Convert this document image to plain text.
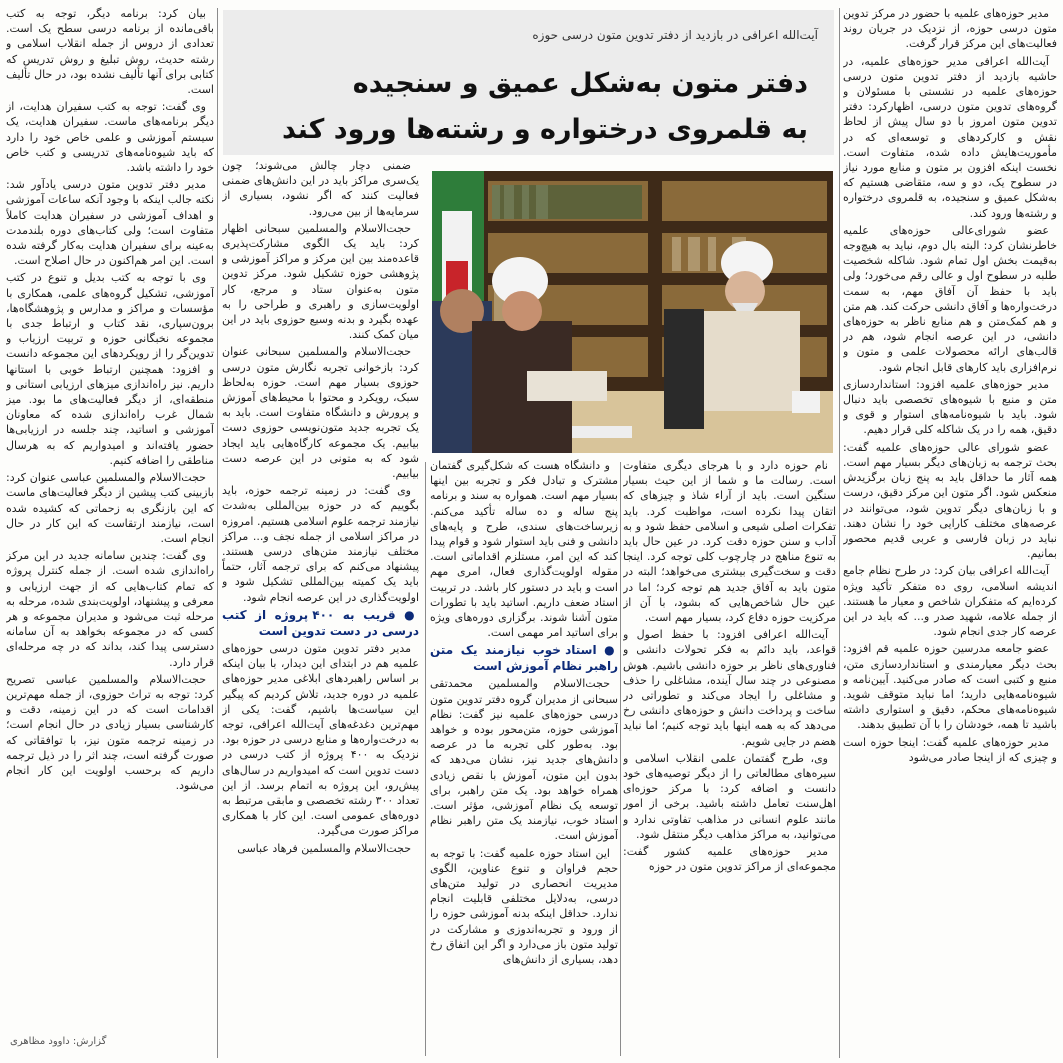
آیت‌الله اعرافی در بازدید از دفتر تدوین متون درسی حوزه
دفتر متون به‌شکل عمیق و سنجیده
به قلمروی درختواره و رشته‌ها ورود کند

مدیر حوزه‌های علمیه با حضور در مرکز تدوین متون درسی حوزه، از نزدیک در جریان روند فعالیت‌های این مرکز قرار گرفت.

آیت‌الله اعرافی مدیر حوزه‌های علمیه، در حاشیه بازدید از دفتر تدوین متون درسی حوزه‌های علمیه در نشستی با مسئولان و گروه‌های تدوین متون درسی، اظهارکرد: دفتر تدوین متون امروز با دو سال پیش از لحاظ نقش و کارکردهای و توسعه‌ای که در مأموریت‌هایش داده شده، متفاوت است. نخست اینکه افزون بر متون و منابع مورد نیاز در سطوح یک، دو و سه، متقاضی هستیم که به‌شکل عمیق و سنجیده، به قلمروی درختواره و رشته‌ها ورود کند.

عضو شورای‌عالی حوزه‌های علمیه خاطرنشان کرد: البته بال دوم، نباید به هیچ‌وجه به‌قیمت بخش اول تمام شود. شاکله شخصیت طلبه در سطوح اول و عالی رقم می‌خورد؛ ولی باید با حفظ آن آفاق مهم، به سمت درخت‌واره‌ها و آفاق دانشی حرکت کند. هم متن و هم کمک‌متن و هم منابع ناظر به حوزه‌های دانشی، در این عرصه انجام شود، هم در قالب‌های ارائه محصولات علمی و متون و نرم‌افزاری باید کارهای قابل انجام شود.

مدیر حوزه‌های علمیه افزود: استانداردسازی متن و منبع با شیوه‌های تخصصی باید دنبال شود. باید با شیوه‌نامه‌های استوار و قوی و دقیق، همه را در یک شاکله کلی قرار دهیم.

عضو شورای عالی حوزه‌های علمیه گفت: بحث ترجمه به زبان‌های دیگر بسیار مهم است. همه آثار ما حداقل باید به پنج زبان برگزیدش منعکس شود. اگر متون این مرکز دقیق، درست و با زبان‌های دیگر تدوین شود، می‌توانند در عرصه‌های مختلف کارایی خود را نشان دهند. نباید در زبان فارسی و عربی قدیم محصور بمانیم.

آیت‌الله اعرافی بیان کرد: در طرح نظام جامع اندیشه اسلامی، روی ده متفکر تأکید ویژه کرده‌ایم که متفکران شاخص و معیار ما هستند. از جمله علامه، شهید صدر و... که باید در این عرصه کار جدی انجام شود.

عضو جامعه مدرسین حوزه علمیه قم افزود: بحث دیگر معیارمندی و استانداردسازی متن، منبع و کتبی است که صادر می‌کنید. آیین‌نامه و شیوه‌نامه‌هایی دارید؛ اما نباید متوقف شوید. شیوه‌نامه‌های محکم، دقیق و استواری داشته باشید تا همه، خودشان را با آن تطبیق بدهند.

مدیر حوزه‌های علمیه گفت: اینجا حوزه است و چیزی که از اینجا صادر می‌شود

نام حوزه دارد و با هرجای دیگری متفاوت است. رسالت ما و شما از این حیث بسیار سنگین است. باید از آراء شاذ و چیزهای که اتقان پیدا نکرده است، مواظبت کرد. باید تفکرات اصلی شیعی و اسلامی حفظ شود و به آداب و سنن حوزه دقت کرد. در عین حال باید به تنوع مناهج در چارچوب کلی توجه کرد. اینجا دقت و سخت‌گیری بیشتری می‌خواهد؛ البته در متون باید به آفاق جدید هم توجه کرد؛ اما در عین حال شاخص‌هایی که بشود، با آن از مرکزیت حوزه دفاع کرد، بسیار مهم است.

آیت‌الله اعرافی افزود: با حفظ اصول و قواعد، باید دائم به فکر تحولات دانشی و فناوری‌های ناظر بر حوزه دانشی باشیم. هوش مصنوعی در چند سال آینده، مشاغلی را حذف و مشاغلی را ایجاد می‌کند و تطوراتی در ساخت و پرداخت دانش و حوزه‌های دانشی رخ می‌دهد که به همه اینها باید توجه کنیم؛ اما نباید هضم در جایی شویم.

وی، طرح گفتمان علمی انقلاب اسلامی و سیره‌های مطالعاتی را از دیگر توصیه‌های خود دانست و اضافه کرد: با مرکز حوزه‌ای اهل‌سنت تعامل داشته باشید. برخی از امور مانند علوم انسانی در مذاهب تفاوتی ندارد و می‌توانید، به مراکز مذاهب دیگر منتقل شود.

مدیر حوزه‌های علمیه کشور گفت: مجموعه‌ای از مراکز تدوین متون در حوزه

و دانشگاه هست که شکل‌گیری گفتمان مشترک و تبادل فکر و تجربه بین اینها بسیار مهم است. همواره به سند و برنامه پنج ساله و ده ساله تأکید می‌کنم. زیرساخت‌های سندی، طرح و پایه‌های دانشی و فنی باید استوار شود و قوام پیدا کند که این امر، مستلزم اقداماتی است. مقوله اولویت‌گذاری فعال، امری مهم است و باید در دستور کار باشد. در تربیت استاد ضعف داریم. اساتید باید با تطورات متون آشنا شوند. برگزاری دوره‌های ویژه برای اساتید امر مهمی است.

● استاد خوب نیازمند یک متن راهبر نظام آموزش است

حجت‌الاسلام والمسلمین محمدتقی سبحانی از مدیران گروه دفتر تدوین متون درسی حوزه‌های علمیه نیز گفت: نظام آموزشی حوزه، متن‌محور بوده و خواهد بود. به‌طور کلی تجربه ما در عرصه دانش‌های جدید نیز، نشان می‌دهد که بدون این متون، آموزش با نقص زیادی همراه خواهد بود. یک متن راهبر، برای توسعه یک نظام آموزشی، مؤثر است. استاد خوب، نیازمند یک متن راهبر نظام آموزش است.

این استاد حوزه علمیه گفت: با توجه به حجم فراوان و تنوع عناوین، الگوی مدیریت انحصاری در تولید متن‌های درسی، به‌دلایل مختلفی قابلیت انجام ندارد. حداقل اینکه بدنه آموزشی حوزه را از ورود و تجربه‌اندوزی و مشارکت در تولید متون باز می‌دارد و اگر این اتفاق رخ دهد، بسیاری از دانش‌های

ضمنی دچار چالش می‌شوند؛ چون یک‌سری مراکز باید در این دانش‌های ضمنی فعالیت کنند که اگر نشود، بسیاری از سرمایه‌ها از بین می‌رود.

حجت‌الاسلام والمسلمین سبحانی اظهار کرد: باید یک الگوی مشارکت‌پذیری قاعده‌مند بین این مرکز و مراکز آموزشی و پژوهشی حوزه تشکیل شود. مرکز تدوین متون به‌عنوان ستاد و مرجع، کار اولویت‌سازی و راهبری و طراحی را به عهده بگیرد و بدنه وسیع حوزوی باید در این میان کمک کنند.

حجت‌الاسلام والمسلمین سبحانی عنوان کرد: بازخوانی تجربه نگارش متون درسی حوزوی بسیار مهم است. حوزه به‌لحاظ سبک، رویکرد و محتوا با محیط‌های آموزش و پرورش و دانشگاه متفاوت است. باید به یک تجربه جدید متون‌نویسی حوزوی دست بیابیم. یک مجموعه کارگاه‌هایی باید ایجاد شود که به متونی در این عرصه دست بیابیم.

وی گفت: در زمینه ترجمه حوزه، باید بگوییم که در حوزه بین‌المللی به‌شدت نیازمند ترجمه علوم اسلامی هستیم. امروزه در مراکز اسلامی از جمله نجف و... مراکز مختلف نیازمند متن‌های درسی هستند. پیشنهاد می‌کنم که برای ترجمه آثار، حتماً باید یک کمیته بین‌المللی تشکیل شود و اولویت‌گذاری در این عرصه انجام شود.

● قریب به ۴۰۰ پروژه از کتب درسی در دست تدوین است

مدیر دفتر تدوین متون درسی حوزه‌های علمیه هم در ابتدای این دیدار، با بیان اینکه بر اساس راهبردهای ابلاغی مدیر حوزه‌های علمیه در دوره جدید، تلاش کردیم که پیگیر این سیاست‌ها باشیم، گفت: یکی از مهم‌ترین دغدغه‌های آیت‌الله اعرافی، توجه به درخت‌واره‌ها و منابع درسی در حوزه بود. نزدیک به ۴۰۰ پروژه از کتب درسی در دست تدوین است که امیدواریم در سال‌های پیش‌رو، این پروژه به اتمام برسد. از این تعداد ۳۰۰ رشته تخصصی و مابقی مرتبط به دوره‌های عمومی است. این کار با همکاری مراکز صورت می‌گیرد.

حجت‌الاسلام والمسلمین فرهاد عباسی

بیان کرد: برنامه دیگر، توجه به کتب باقی‌مانده از برنامه درسی سطح یک است. تعدادی از دروس از جمله انقلاب اسلامی و رشته حدیث، روش تبلیغ و روش تدریس که کتابی برای آنها تألیف نشده بود، در حال تألیف است.

وی گفت: توجه به کتب سفیران هدایت، از دیگر برنامه‌های ماست. سفیران هدایت، یک سیستم آموزشی و علمی خاص خود را دارد که باید شیوه‌نامه‌های تدریسی و کتب خاص خود را داشته باشد.

مدیر دفتر تدوین متون درسی یادآور شد: نکته جالب اینکه با وجود آنکه ساعات آموزشی و اهداف آموزشی در سفیران هدایت کاملاً متفاوت است؛ ولی کتاب‌های دوره بلندمدت به‌عینه برای سفیران هدایت به‌کار گرفته شده است. این امر هم‌اکنون در حال اصلاح است.

وی با توجه به کتب بدیل و تنوع در کتب آموزشی، تشکیل گروه‌های علمی، همکاری با مؤسسات و مراکز و مدارس و پژوهشگاه‌ها، برون‌سپاری، نقد کتاب و ارتباط جدی با مجموعه نخبگانی حوزه و تربیت ارزیاب و تدوین‌گر را از رویکردهای این مجموعه دانست و افزود: همچنین ارتباط خوبی با استانها داریم. نیز راه‌اندازی میزهای ارزیابی استانی و منطقه‌ای، از دیگر فعالیت‌های ما بود. میز شمال غرب راه‌اندازی شده که معاونان آموزشی و اساتید، چند جلسه در ارزیابی‌ها حضور یافته‌اند و امیدواریم که به هرسال مناطقی را اضافه کنیم.

حجت‌الاسلام والمسلمین عباسی عنوان کرد: بازبینی کتب پیشین از دیگر فعالیت‌های ماست که این بازنگری به زحماتی که کشیده شده است، نیازمند ارتقاست که این کار در حال انجام است.

وی گفت: چندین سامانه جدید در این مرکز راه‌اندازی شده است. از جمله کنترل پروژه که تمام کتاب‌هایی که از جهت ارزیابی و معرفی و پیشنهاد، اولویت‌بندی شده، مرحله به مرحله ثبت می‌شود و مدیران مجموعه و هر کسی که در مجموعه بخواهد به آن سامانه دسترسی پیدا کند، بداند که در چه مرحله‌ای قرار دارد.

حجت‌الاسلام والمسلمین عباسی تصریح کرد: توجه به تراث حوزوی، از جمله مهم‌ترین اقدامات است که در این زمینه، دقت و کارشناسی بسیار زیادی در حال انجام است؛ در زمینه ترجمه متون نیز، با توافقاتی که صورت گرفته است، چند اثر را در ذیل ترجمه داریم که برحسب اولویت این کار انجام می‌شود.

گزارش: داوود مظاهری
